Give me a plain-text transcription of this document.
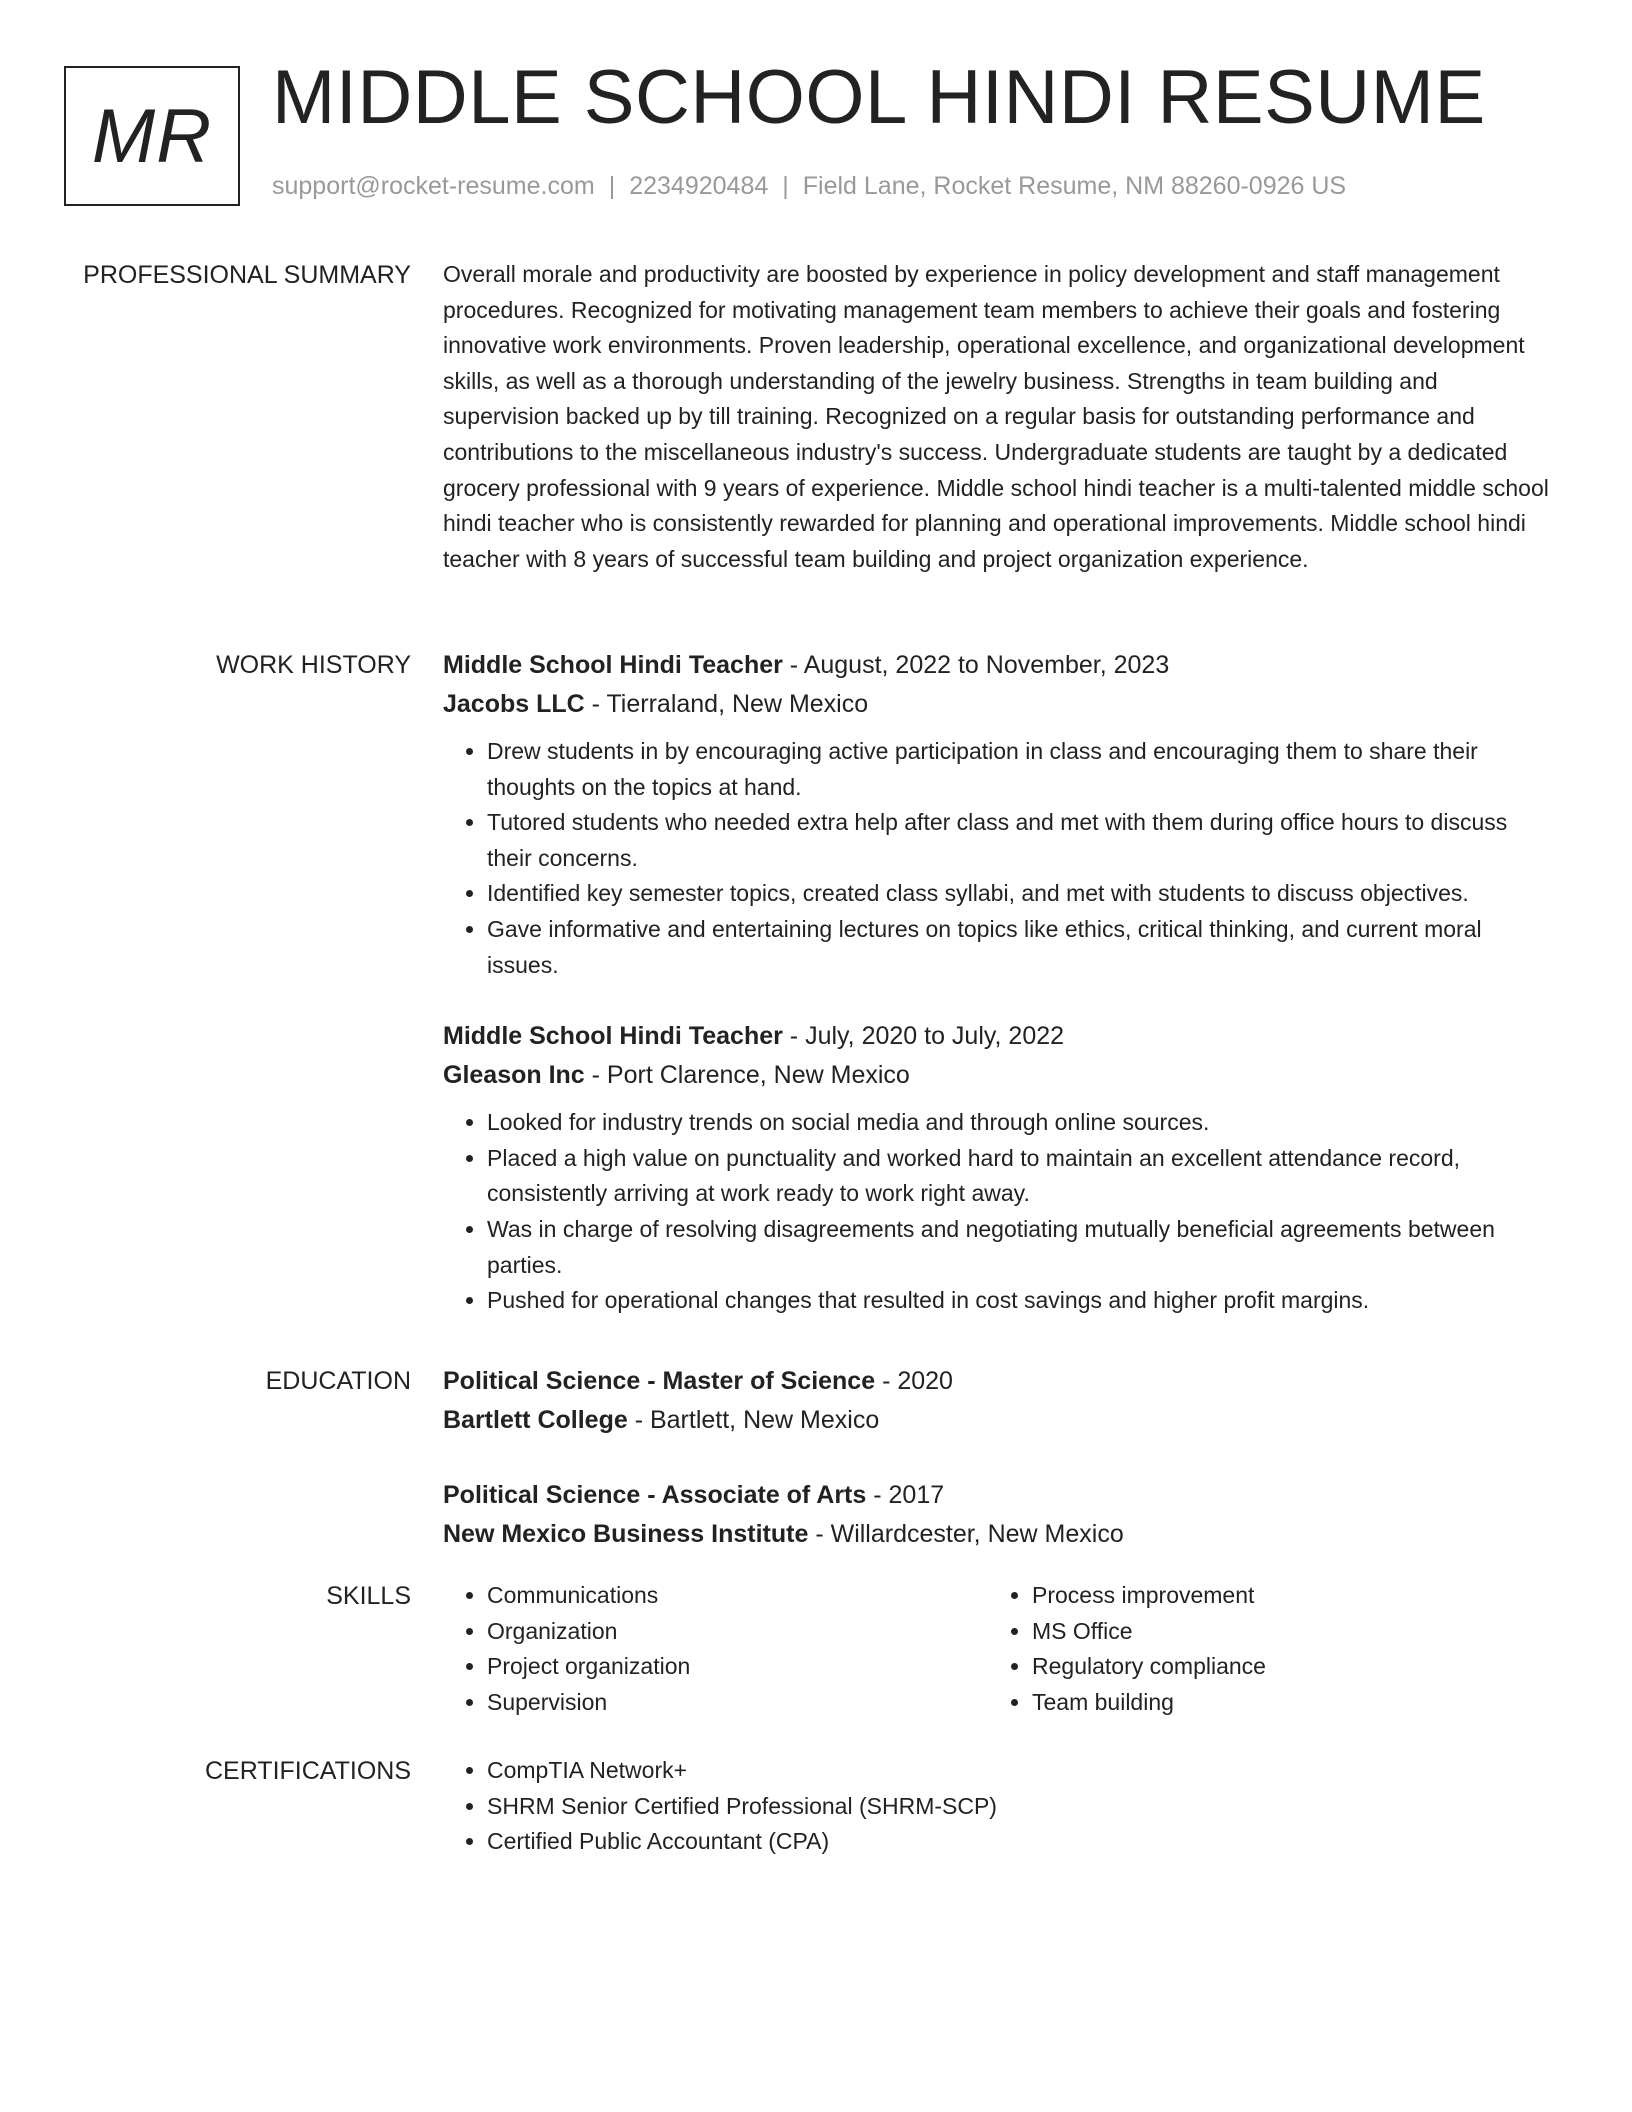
MR MIDDLE SCHOOL HINDI RESUME
support@rocket-resume.com | 2234920484 | Field Lane, Rocket Resume, NM 88260-0926 US
PROFESSIONAL SUMMARY Overall morale and productivity are boosted by experience in policy development and staff management procedures. Recognized for motivating management team members to achieve their goals and fostering innovative work environments. Proven leadership, operational excellence, and organizational development skills, as well as a thorough understanding of the jewelry business. Strengths in team building and supervision backed up by till training. Recognized on a regular basis for outstanding performance and contributions to the miscellaneous industry's success. Undergraduate students are taught by a dedicated grocery professional with 9 years of experience. Middle school hindi teacher is a multi-talented middle school hindi teacher who is consistently rewarded for planning and operational improvements. Middle school hindi teacher with 8 years of successful team building and project organization experience.

WORK HISTORY Middle School Hindi Teacher - August, 2022 to November, 2023
Jacobs LLC - Tierraland, New Mexico
• Drew students in by encouraging active participation in class and encouraging them to share their thoughts on the topics at hand.
• Tutored students who needed extra help after class and met with them during office hours to discuss their concerns.
• Identified key semester topics, created class syllabi, and met with students to discuss objectives.
• Gave informative and entertaining lectures on topics like ethics, critical thinking, and current moral issues.
Middle School Hindi Teacher - July, 2020 to July, 2022
Gleason Inc - Port Clarence, New Mexico
• Looked for industry trends on social media and through online sources.
• Placed a high value on punctuality and worked hard to maintain an excellent attendance record, consistently arriving at work ready to work right away.
• Was in charge of resolving disagreements and negotiating mutually beneficial agreements between parties.
• Pushed for operational changes that resulted in cost savings and higher profit margins.
EDUCATION Political Science - Master of Science - 2020
Bartlett College - Bartlett, New Mexico
Political Science - Associate of Arts - 2017
New Mexico Business Institute - Willardcester, New Mexico
SKILLS	• Communications
• Organization
• Project organization
• Supervision
• Process improvement
• MS Office
• Regulatory compliance
• Team building
CERTIFICATIONS	• CompTIA Network+
• SHRM Senior Certified Professional (SHRM-SCP)
• Certified Public Accountant (CPA)
